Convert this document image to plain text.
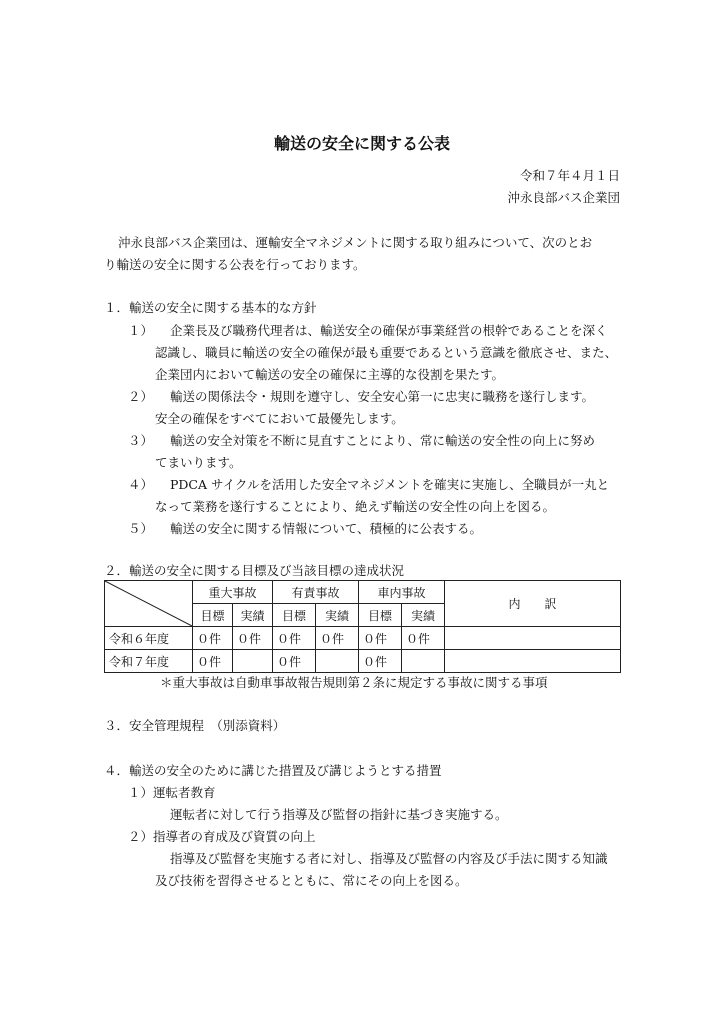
輸送の安全に関する公表
令和７年４月１日
沖永良部バス企業団
沖永良部バス企業団は、運輸安全マネジメントに関する取り組みについて、次のとお
り輸送の安全に関する公表を行っております。
１．輸送の安全に関する基本的な方針
１） 企業長及び職務代理者は、輸送安全の確保が事業経営の根幹であることを深く
認識し、職員に輸送の安全の確保が最も重要であるという意識を徹底させ、また、
企業団内において輸送の安全の確保に主導的な役割を果たす。
２） 輸送の関係法令・規則を遵守し、安全安心第一に忠実に職務を遂行します。
安全の確保をすべてにおいて最優先します。
３） 輸送の安全対策を不断に見直すことにより、常に輸送の安全性の向上に努め
てまいります。
４） PDCA サイクルを活用した安全マネジメントを確実に実施し、全職員が一丸と
なって業務を遂行することにより、絶えず輸送の安全性の向上を図る。
５） 輸送の安全に関する情報について、積極的に公表する。
２．輸送の安全に関する目標及び当該目標の達成状況
	重大事故		有責事故		車内事故		内　　訳
	目標	実績	目標	実績	目標	実績	
令和６年度	０件	０件	０件	０件	０件	０件	
令和７年度	０件		０件		０件		
＊重大事故は自動車事故報告規則第２条に規定する事故に関する事項
３．安全管理規程　（別添資料）
４．輸送の安全のために講じた措置及び講じようとする措置
１）運転者教育
運転者に対して行う指導及び監督の指針に基づき実施する。
２）指導者の育成及び資質の向上
指導及び監督を実施する者に対し、指導及び監督の内容及び手法に関する知識
及び技術を習得させるとともに、常にその向上を図る。
